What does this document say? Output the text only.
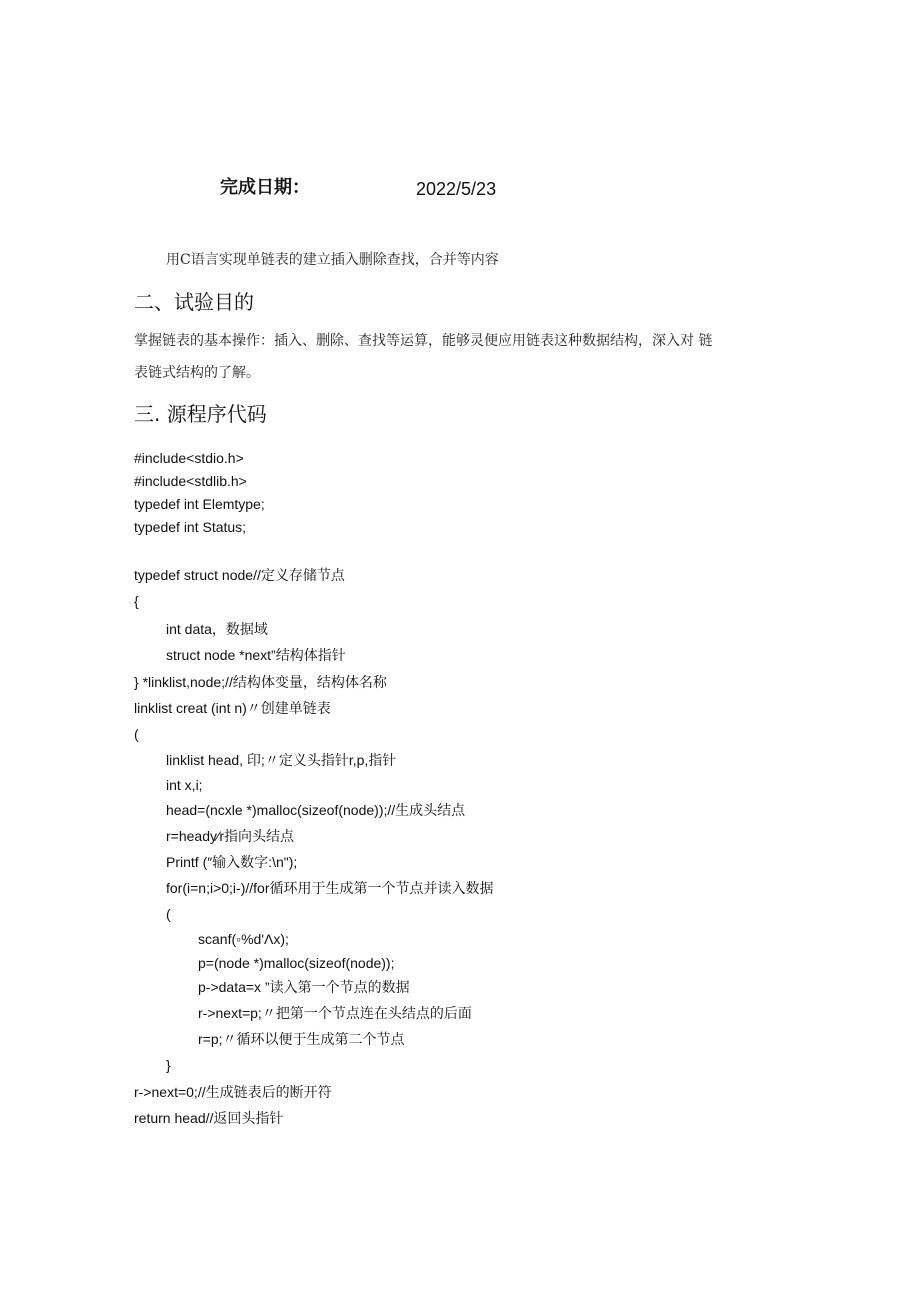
完成日期：	2022/5/23
用C语言实现单链表的建立插入删除查找，合并等内容
二、试验目的
掌握链表的基本操作：插入、删除、查找等运算，能够灵便应用链表这种数据结构，深入对 链
表链式结构的了解。
三. 源程序代码
#include<stdio.h>
#include<stdlib.h>
typedef int Elemtype;
typedef int Status;
typedef struct node//定义存储节点
{
int data，数据域
struct node *next”结构体指针
} *linklist,node;//结构体变量，结构体名称
linklist creat (int n)〃创建单链表
(
linklist head, 印;〃定义头指针r,p,指针
int x,i;
head=(ncxle *)malloc(sizeof(node));//生成头结点
r=heady⁄r指向头结点
Printf (″输入数字:\n");
for(i=n;i>0;i-)//for循环用于生成第一个节点并读入数据
(
scanf(◦%d'Λx);
p=(node *)malloc(sizeof(node));
p->data=x ”读入第一个节点的数据
r->next=p;〃把第一个节点连在头结点的后面
r=p;〃循环以便于生成第二个节点
}
r->next=0;//生成链表后的断开符
return head//返回头指针
